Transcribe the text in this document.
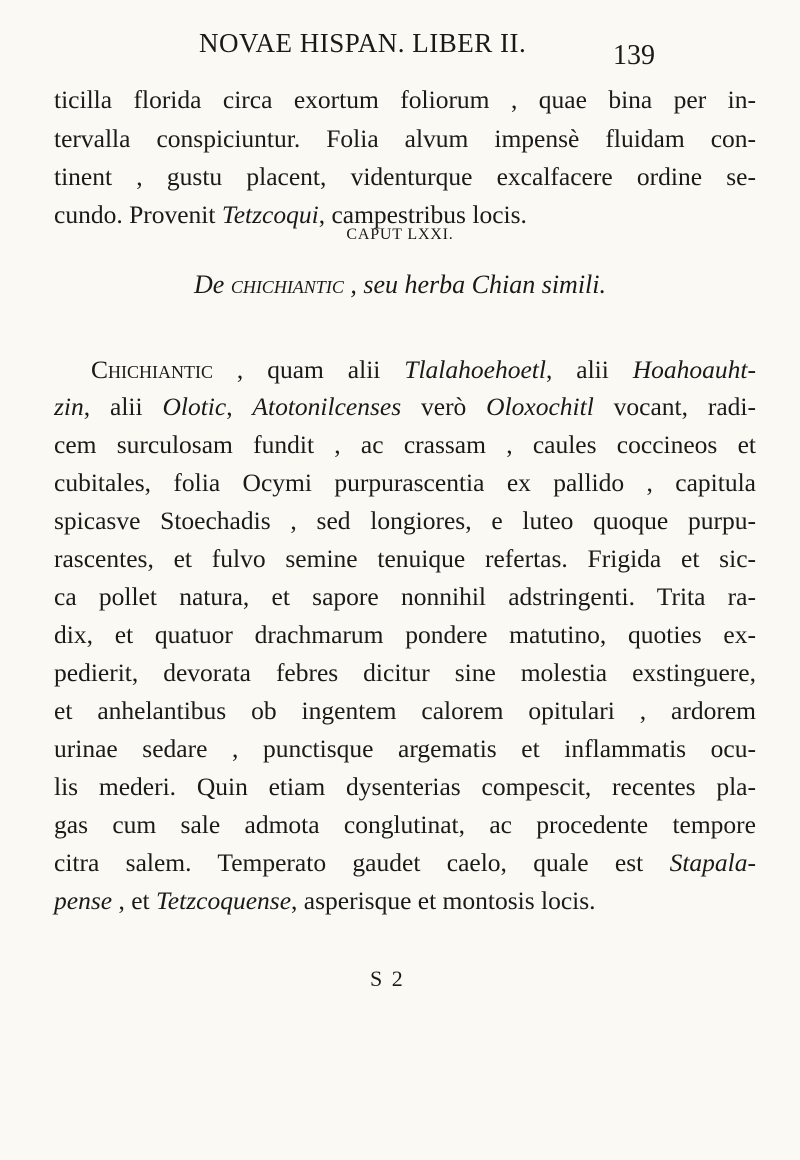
NOVAE HISPAN. LIBER II.	139
ticilla florida circa exortum foliorum , quae bina per in-
tervalla conspiciuntur. Folia alvum impensè fluidam con-
tinent , gustu placent, videnturque excalfacere ordine se-
cundo. Provenit Tetzcoqui, campestribus locis.
CAPUT LXXI.
De chichiantic , seu herba Chian simili.
Chichiantic , quam alii Tlalahoehoetl, alii Hoahoauht-
zin, alii Olotic, Atotonilcenses verò Oloxochitl vocant, radi-
cem surculosam fundit , ac crassam , caules coccineos et
cubitales, folia Ocymi purpurascentia ex pallido , capitula
spicasve Stoechadis , sed longiores, e luteo quoque purpu-
rascentes, et fulvo semine tenuique refertas. Frigida et sic-
ca pollet natura, et sapore nonnihil adstringenti. Trita ra-
dix, et quatuor drachmarum pondere matutino, quoties ex-
pedierit, devorata febres dicitur sine molestia exstinguere,
et anhelantibus ob ingentem calorem opitulari , ardorem
urinae sedare , punctisque argematis et inflammatis ocu-
lis mederi. Quin etiam dysenterias compescit, recentes pla-
gas cum sale admota conglutinat, ac procedente tempore
citra salem. Temperato gaudet caelo, quale est Stapala-
pense , et Tetzcoquense, asperisque et montosis locis.
S 2
